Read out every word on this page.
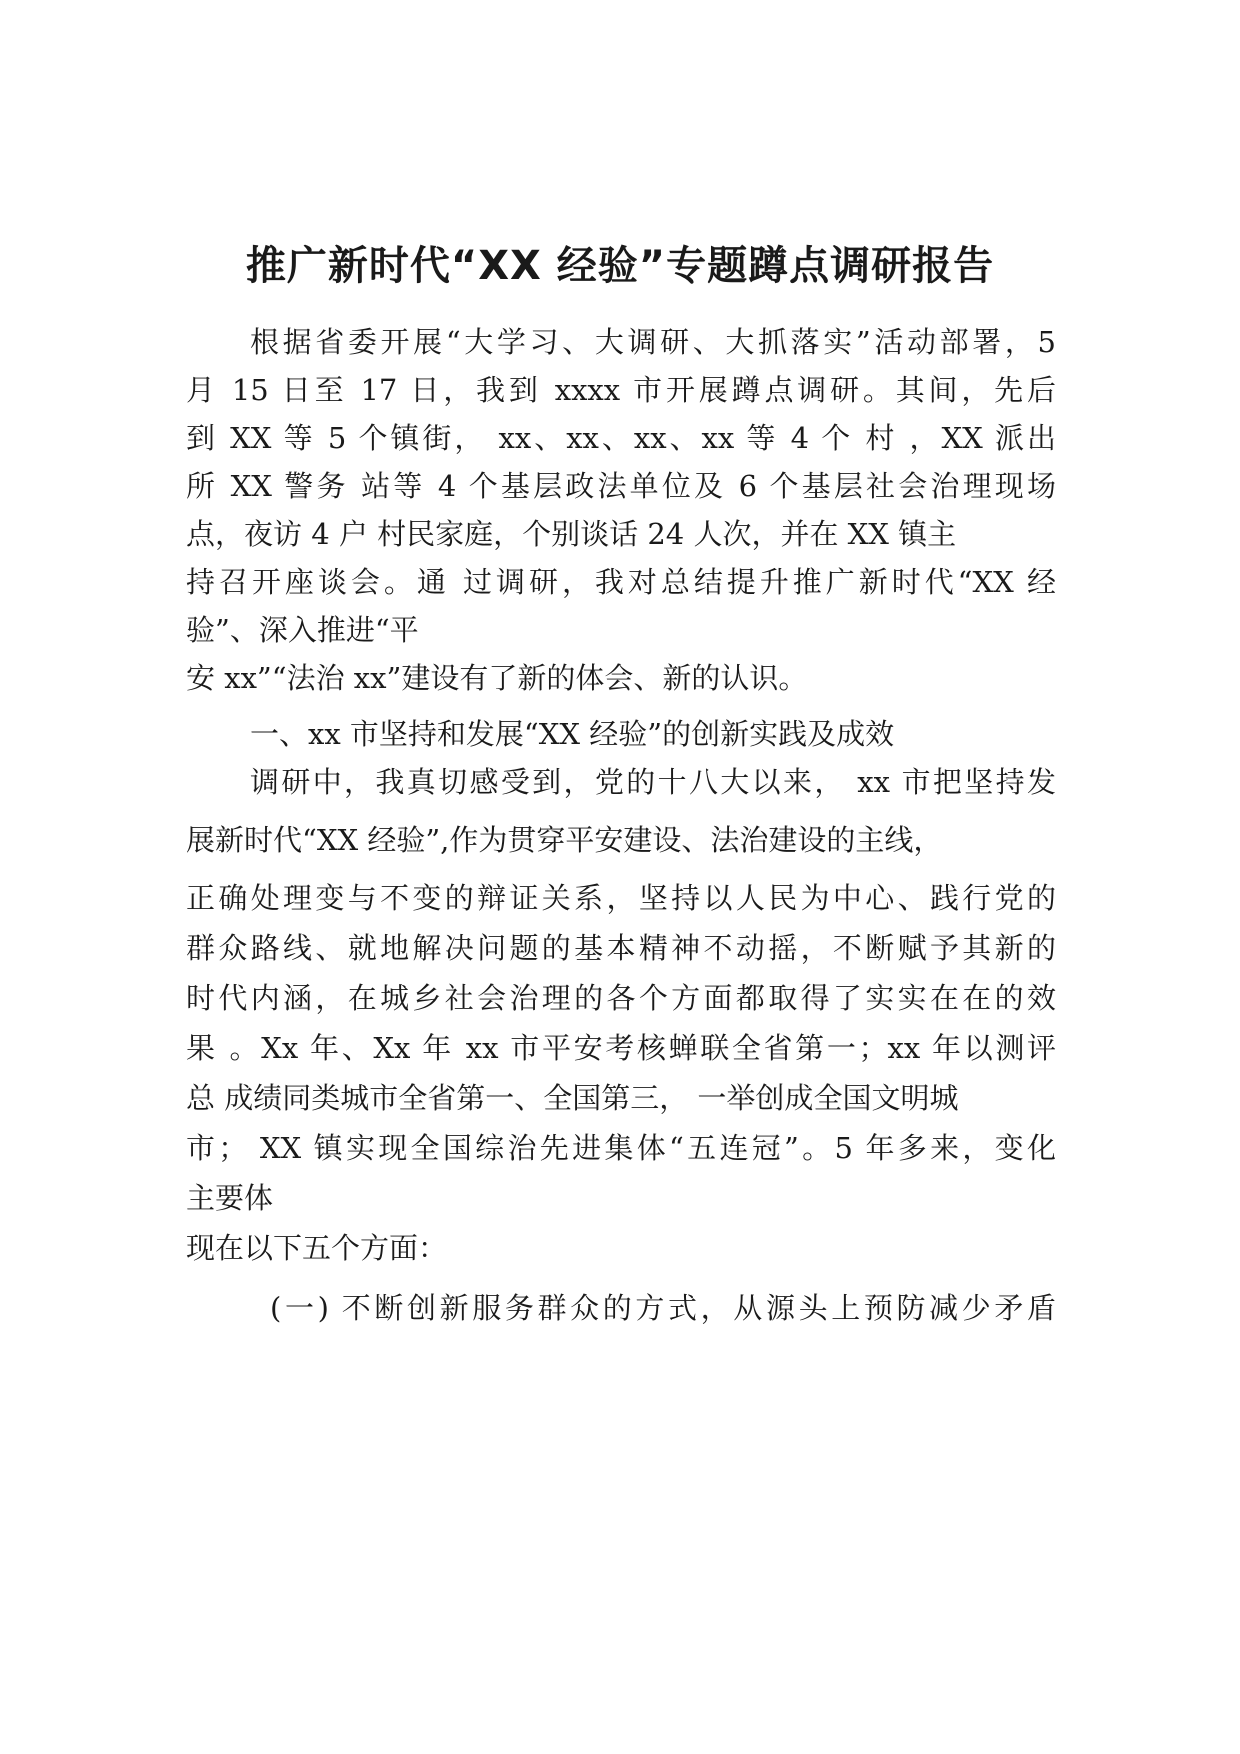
推广新时代“XX 经验”专题蹲点调研报告

根据省委开展“大学习、大调研、大抓落实”活动部署，5

月 15 日至 17 日，我到 xxxx 市开展蹲点调研。其间，先后

到 XX 等 5 个镇街， xx、xx、xx、xx 等 4 个 村 ，XX 派出

所 XX 警务 站等 4 个基层政法单位及 6 个基层社会治理现场

点，夜访 4 户 村民家庭，个别谈话 24 人次，并在 XX 镇主

持召开座谈会。通 过调研，我对总结提升推广新时代“XX 经

验”、深入推进“平

安 xx”“法治 xx”建设有了新的体会、新的认识。

一、xx 市坚持和发展“XX 经验”的创新实践及成效

调研中，我真切感受到，党的十八大以来， xx 市把坚持发

展新时代“XX 经验”,作为贯穿平安建设、法治建设的主线，

正确处理变与不变的辩证关系，坚持以人民为中心、践行党的

群众路线、就地解决问题的基本精神不动摇，不断赋予其新的

时代内涵，在城乡社会治理的各个方面都取得了实实在在的效

果 。Xx 年、Xx 年 xx 市平安考核蝉联全省第一；xx 年以测评

总 成绩同类城市全省第一、全国第三， 一举创成全国文明城

市； XX 镇实现全国综治先进集体“五连冠”。5 年多来，变化

主要体

现在以下五个方面：

(一) 不断创新服务群众的方式，从源头上预防减少矛盾
